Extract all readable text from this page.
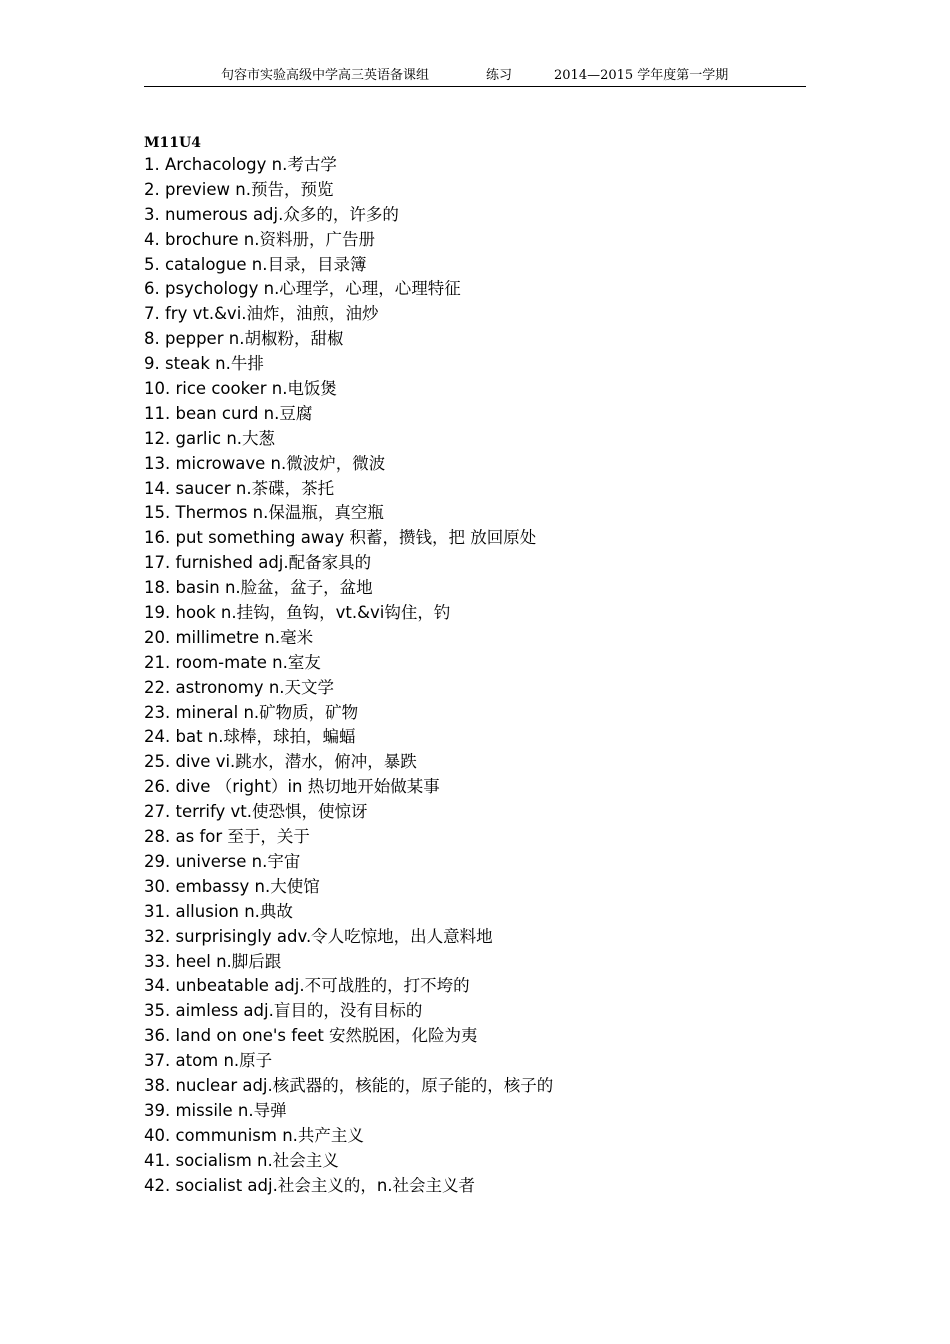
句容市实验高级中学高三英语备课组	练习	2014—2015 学年度第一学期
M11U4
1. Archacology n.考古学
2. preview n.预告，预览
3. numerous adj.众多的，许多的
4. brochure n.资料册，广告册
5. catalogue n.目录，目录簿
6. psychology n.心理学，心理，心理特征
7. fry vt.&vi.油炸，油煎，油炒
8. pepper n.胡椒粉，甜椒
9. steak n.牛排
10. rice cooker n.电饭煲
11. bean curd n.豆腐
12. garlic n.大葱
13. microwave n.微波炉，微波
14. saucer n.茶碟，茶托
15. Thermos n.保温瓶，真空瓶
16. put something away 积蓄，攒钱，把 放回原处
17. furnished adj.配备家具的
18. basin n.脸盆，盆子，盆地
19. hook n.挂钩，鱼钩，vt.&vi钩住，钓
20. millimetre n.毫米
21. room-mate n.室友
22. astronomy n.天文学
23. mineral n.矿物质，矿物
24. bat n.球棒，球拍，蝙蝠
25. dive vi.跳水，潜水，俯冲，暴跌
26. dive （right）in 热切地开始做某事
27. terrify vt.使恐惧，使惊讶
28. as for 至于，关于
29. universe n.宇宙
30. embassy n.大使馆
31. allusion n.典故
32. surprisingly adv.令人吃惊地，出人意料地
33. heel n.脚后跟
34. unbeatable adj.不可战胜的，打不垮的
35. aimless adj.盲目的，没有目标的
36. land on one's feet 安然脱困，化险为夷
37. atom n.原子
38. nuclear adj.核武器的，核能的，原子能的，核子的
39. missile n.导弹
40. communism n.共产主义
41. socialism n.社会主义
42. socialist adj.社会主义的，n.社会主义者
